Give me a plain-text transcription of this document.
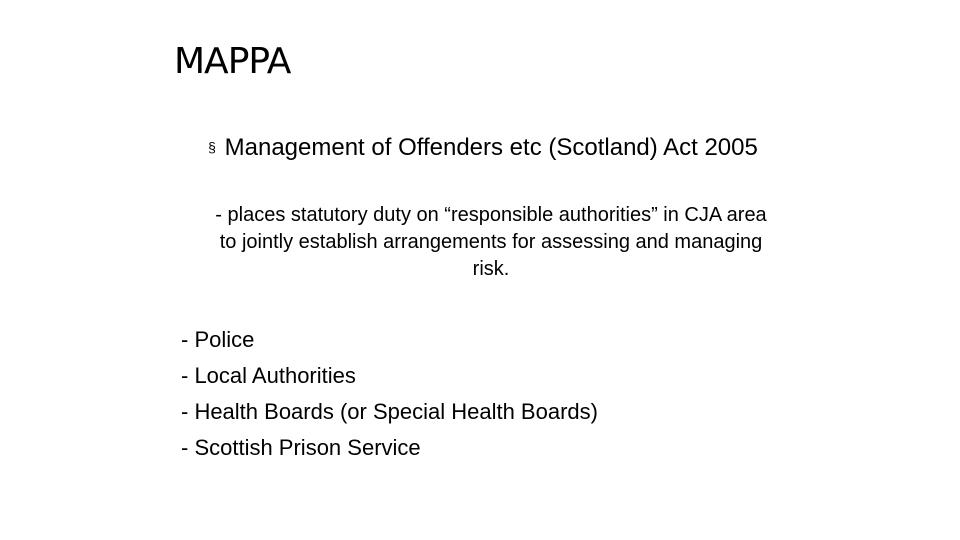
MAPPA
§ Management of Offenders etc (Scotland) Act 2005
- places statutory duty on “responsible authorities” in CJA area to jointly establish arrangements for assessing and managing risk.
- Police
- Local Authorities
- Health Boards (or Special Health Boards)
- Scottish Prison Service
